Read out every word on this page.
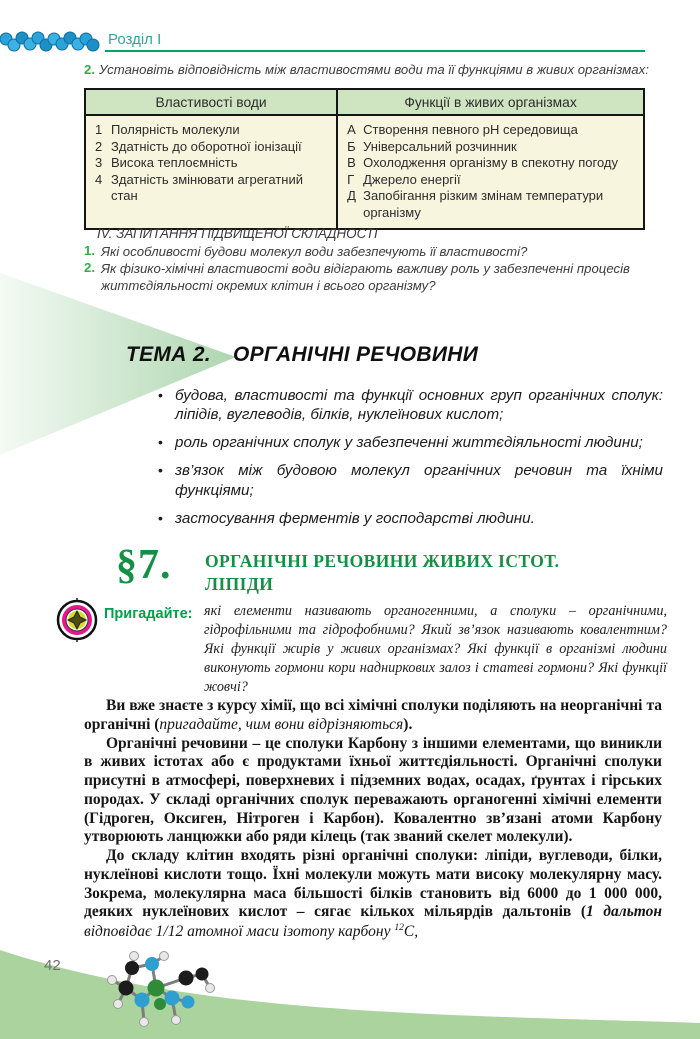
Розділ I
2. Установіть відповідність між властивостями води та її функціями в живих організмах:
Властивості води	Функції в живих організмах
1 Полярність молекули
2 Здатність до оборотної іонізації
3 Висока теплоємність
4 Здатність змінювати агрегатний стан
А Створення певного рН середовища
Б Універсальний розчинник
В Охолодження організму в спекотну погоду
Г Джерело енергії
Д Запобігання різким змінам температури організму
IV. ЗАПИТАННЯ ПІДВИЩЕНОЇ СКЛАДНОСТІ
1. Які особливості будови молекул води забезпечують її властивості?
2. Як фізико-хімічні властивості води відіграють важливу роль у забезпеченні процесів життєдіяльності окремих клітин і всього організму?
ТЕМА 2. ОРГАНІЧНІ РЕЧОВИНИ
• будова, властивості та функції основних груп органічних сполук: ліпідів, вуглеводів, білків, нуклеїнових кислот;
• роль органічних сполук у забезпеченні життєдіяльності людини;
• зв’язок між будовою молекул органічних речовин та їхніми функціями;
• застосування ферментів у господарстві людини.
§7. ОРГАНІЧНІ РЕЧОВИНИ ЖИВИХ ІСТОТ. ЛІПІДИ
Пригадайте: які елементи називають органогенними, а сполуки – органічними, гідрофільними та гідрофобними? Який зв’язок називають ковалентним? Які функції жирів у живих організмах? Які функції в організмі людини виконують гормони кори надниркових залоз і статеві гормони? Які функції жовчі?

Ви вже знаєте з курсу хімії, що всі хімічні сполуки поділяють на неорганічні та органічні (пригадайте, чим вони відрізняються).

Органічні речовини – це сполуки Карбону з іншими елементами, що виникли в живих істотах або є продуктами їхньої життєдіяльності. Органічні сполуки присутні в атмосфері, поверхневих і підземних водах, осадах, ґрунтах і гірських породах. У складі органічних сполук переважають органогенні хімічні елементи (Гідроген, Оксиген, Нітроген і Карбон). Ковалентно зв’язані атоми Карбону утворюють ланцюжки або ряди кілець (так званий скелет молекули).

До складу клітин входять різні органічні сполуки: ліпіди, вуглеводи, білки, нуклеїнові кислоти тощо. Їхні молекули можуть мати високу молекулярну масу. Зокрема, молекулярна маса більшості білків становить від 6000 до 1 000 000, деяких нуклеїнових кислот – сягає кількох мільярдів дальтонів (1 дальтон відповідає 1/12 атомної маси ізотопу карбону $^{12}$C,

42
